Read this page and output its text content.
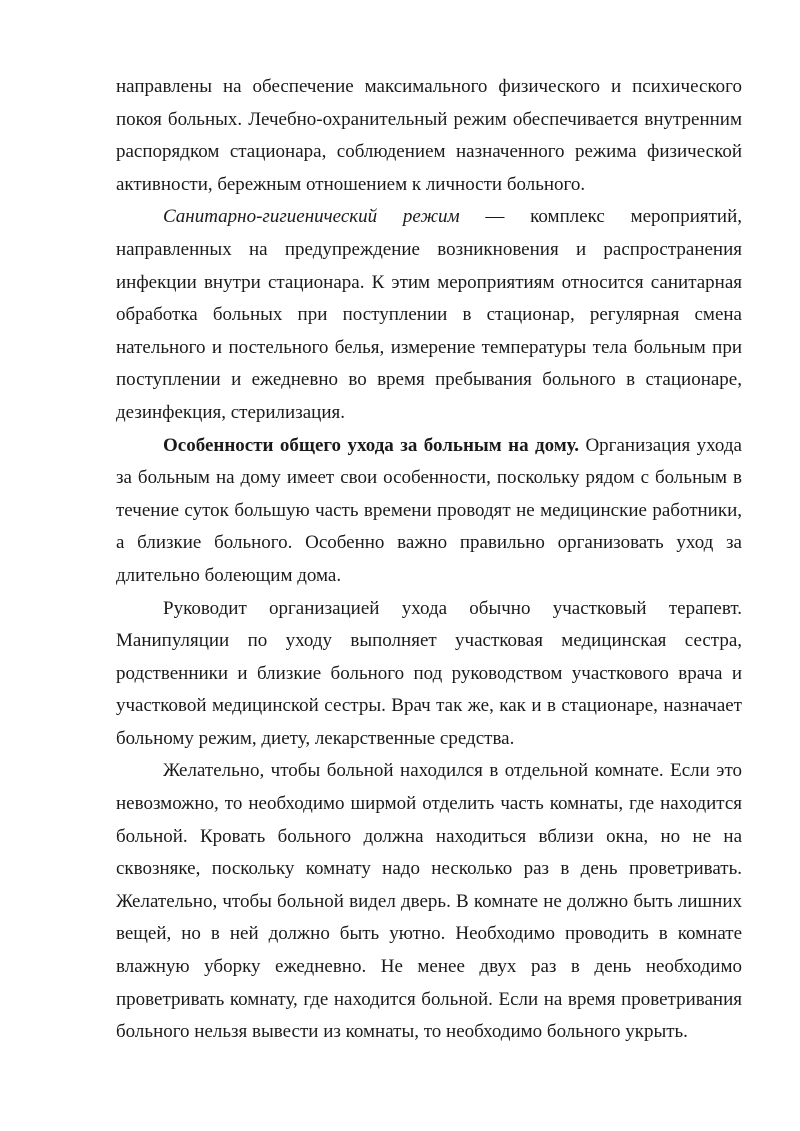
направлены на обеспечение максимального физического и психического покоя больных. Лечебно-охранительный режим обеспечивается внутренним распорядком стационара, соблюдением назначенного режима физической активности, бережным отношением к личности больного.

Санитарно-гигиенический режим — комплекс мероприятий, направленных на предупреждение возникновения и распространения инфекции внутри стационара. К этим мероприятиям относится санитарная обработка больных при поступлении в стационар, регулярная смена нательного и постельного белья, измерение температуры тела больным при поступлении и ежедневно во время пребывания больного в стационаре, дезинфекция, стерилизация.

Особенности общего ухода за больным на дому. Организация ухода за больным на дому имеет свои особенности, поскольку рядом с больным в течение суток большую часть времени проводят не медицинские работники, а близкие больного. Особенно важно правильно организовать уход за длительно болеющим дома.

Руководит организацией ухода обычно участковый терапевт. Манипуляции по уходу выполняет участковая медицинская сестра, родственники и близкие больного под руководством участкового врача и участковой медицинской сестры. Врач так же, как и в стационаре, назначает больному режим, диету, лекарственные средства.

Желательно, чтобы больной находился в отдельной комнате. Если это невозможно, то необходимо ширмой отделить часть комнаты, где находится больной. Кровать больного должна находиться вблизи окна, но не на сквозняке, поскольку комнату надо несколько раз в день проветривать. Желательно, чтобы больной видел дверь. В комнате не должно быть лишних вещей, но в ней должно быть уютно. Необходимо проводить в комнате влажную уборку ежедневно. Не менее двух раз в день необходимо проветривать комнату, где находится больной. Если на время проветривания больного нельзя вывести из комнаты, то необходимо больного укрыть.
